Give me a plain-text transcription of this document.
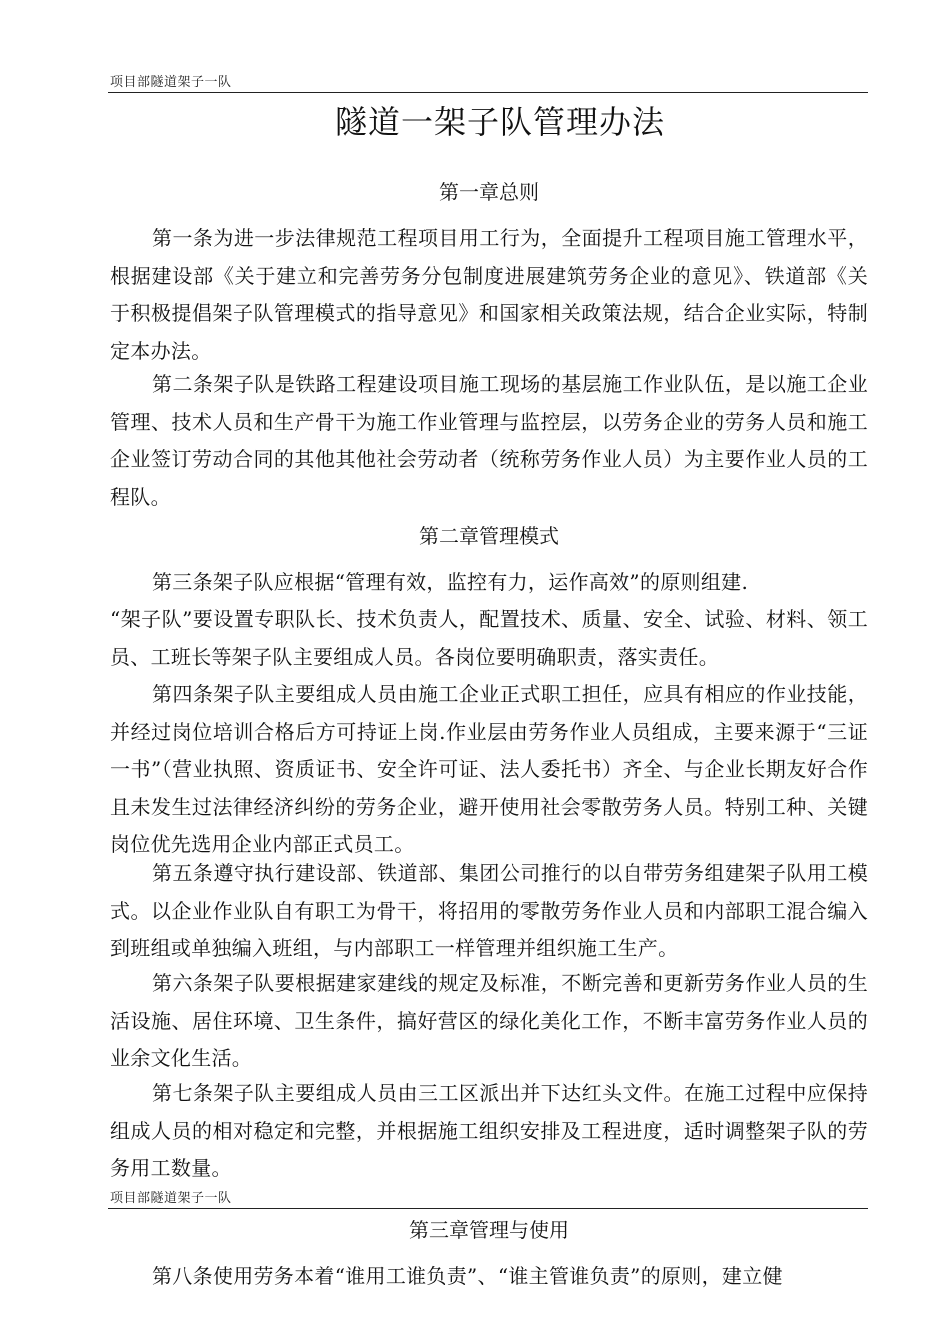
项目部隧道架子一队
隧道一架子队管理办法
第一章总则

第一条为进一步法律规范工程项目用工行为，全面提升工程项目施工管理水平，根据建设部《关于建立和完善劳务分包制度进展建筑劳务企业的意见》、铁道部《关于积极提倡架子队管理模式的指导意见》和国家相关政策法规，结合企业实际，特制定本办法。

第二条架子队是铁路工程建设项目施工现场的基层施工作业队伍，是以施工企业管理、技术人员和生产骨干为施工作业管理与监控层，以劳务企业的劳务人员和施工企业签订劳动合同的其他其他社会劳动者（统称劳务作业人员）为主要作业人员的工程队。

第二章管理模式

第三条架子队应根据“管理有效，监控有力，运作高效”的原则组建.

“架子队”要设置专职队长、技术负责人，配置技术、质量、安全、试验、材料、领工员、工班长等架子队主要组成人员。各岗位要明确职责，落实责任。

第四条架子队主要组成人员由施工企业正式职工担任，应具有相应的作业技能，并经过岗位培训合格后方可持证上岗.作业层由劳务作业人员组成，主要来源于“三证一书”（营业执照、资质证书、安全许可证、法人委托书）齐全、与企业长期友好合作且未发生过法律经济纠纷的劳务企业，避开使用社会零散劳务人员。特别工种、关键岗位优先选用企业内部正式员工。

第五条遵守执行建设部、铁道部、集团公司推行的以自带劳务组建架子队用工模式。以企业作业队自有职工为骨干，将招用的零散劳务作业人员和内部职工混合编入到班组或单独编入班组，与内部职工一样管理并组织施工生产。

第六条架子队要根据建家建线的规定及标准，不断完善和更新劳务作业人员的生活设施、居住环境、卫生条件，搞好营区的绿化美化工作，不断丰富劳务作业人员的业余文化生活。

第七条架子队主要组成人员由三工区派出并下达红头文件。在施工过程中应保持组成人员的相对稳定和完整，并根据施工组织安排及工程进度，适时调整架子队的劳务用工数量。

项目部隧道架子一队
第三章管理与使用

第八条使用劳务本着“谁用工谁负责”、“谁主管谁负责”的原则，建立健
